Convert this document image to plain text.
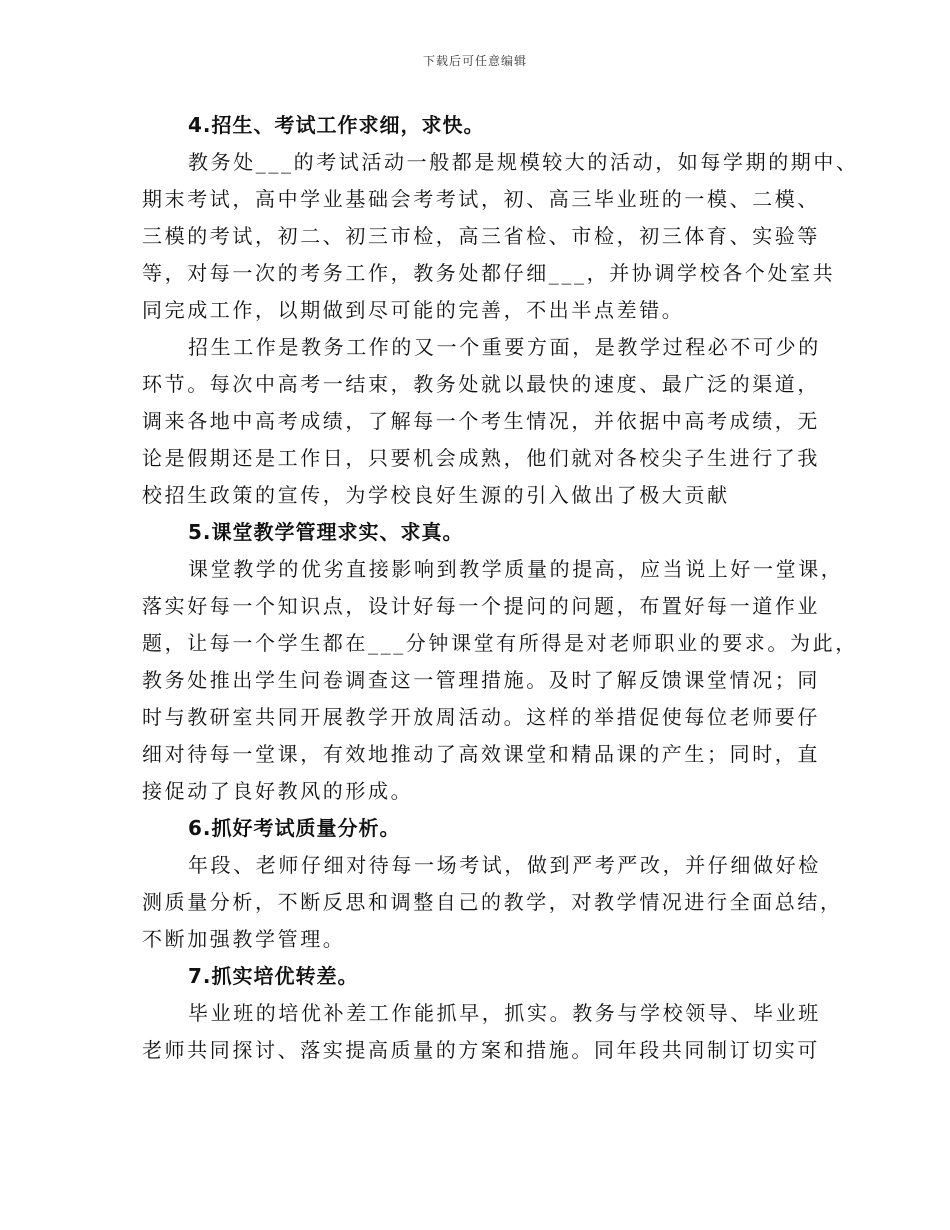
下载后可任意编辑
4.招生、考试工作求细，求快。
教务处___的考试活动一般都是规模较大的活动，如每学期的期中、
期末考试，高中学业基础会考考试，初、高三毕业班的一模、二模、
三模的考试，初二、初三市检，高三省检、市检，初三体育、实验等
等，对每一次的考务工作，教务处都仔细___，并协调学校各个处室共
同完成工作，以期做到尽可能的完善，不出半点差错。
招生工作是教务工作的又一个重要方面，是教学过程必不可少的
环节。每次中高考一结束，教务处就以最快的速度、最广泛的渠道，
调来各地中高考成绩，了解每一个考生情况，并依据中高考成绩，无
论是假期还是工作日，只要机会成熟，他们就对各校尖子生进行了我
校招生政策的宣传，为学校良好生源的引入做出了极大贡献
5.课堂教学管理求实、求真。
课堂教学的优劣直接影响到教学质量的提高，应当说上好一堂课，
落实好每一个知识点，设计好每一个提问的问题，布置好每一道作业
题，让每一个学生都在___分钟课堂有所得是对老师职业的要求。为此，
教务处推出学生问卷调查这一管理措施。及时了解反馈课堂情况；同
时与教研室共同开展教学开放周活动。这样的举措促使每位老师要仔
细对待每一堂课，有效地推动了高效课堂和精品课的产生；同时，直
接促动了良好教风的形成。
6.抓好考试质量分析。
年段、老师仔细对待每一场考试，做到严考严改，并仔细做好检
测质量分析，不断反思和调整自己的教学，对教学情况进行全面总结，
不断加强教学管理。
7.抓实培优转差。
毕业班的培优补差工作能抓早，抓实。教务与学校领导、毕业班
老师共同探讨、落实提高质量的方案和措施。同年段共同制订切实可
